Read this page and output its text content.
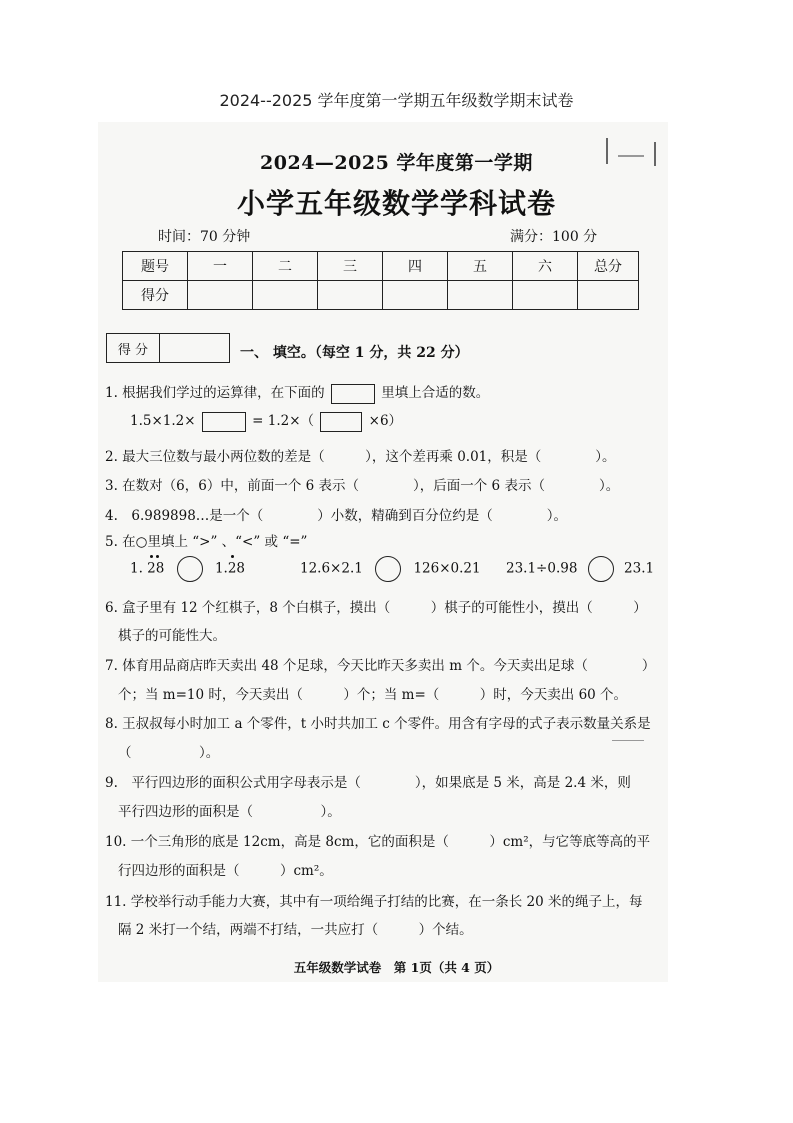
2024--2025 学年度第一学期五年级数学期末试卷
2024—2025 学年度第一学期
小学五年级数学学科试卷
时间：70 分钟	满分：100 分
题号	一	二	三	四	五	六	总分
得分							
得 分	一、 填空。（每空 1 分，共 22 分）
1. 根据我们学过的运算律，在下面的	里填上合适的数。
1.5×1.2×	= 1.2×（	×6）
2. 最大三位数与最小两位数的差是（　　　），这个差再乘 0.01，积是（　　　　）。
3. 在数对（6，6）中，前面一个 6 表示（　　　　），后面一个 6 表示（　　　　）。
4.　6.989898…是一个（　　　　）小数，精确到百分位约是（　　　　）。
5. 在○里填上 “>” 、“<” 或 “=”
1. 28	1.28	12.6×2.1	126×0.21 23.1÷0.98	23.1
6. 盒子里有 12 个红棋子，8 个白棋子，摸出（　　　）棋子的可能性小，摸出（　　　）
棋子的可能性大。
7. 体育用品商店昨天卖出 48 个足球，今天比昨天多卖出 m 个。今天卖出足球（　　　　）
个；当 m=10 时，今天卖出（　　　）个；当 m=（　　　）时，今天卖出 60 个。
8. 王叔叔每小时加工 a 个零件，t 小时共加工 c 个零件。用含有字母的式子表示数量关系是
（　　　　　）。
9.　平行四边形的面积公式用字母表示是（　　　　），如果底是 5 米，高是 2.4 米，则
平行四边形的面积是（　　　　　）。
10. 一个三角形的底是 12cm，高是 8cm，它的面积是（　　　）cm²，与它等底等高的平
行四边形的面积是（　　　）cm²。
11. 学校举行动手能力大赛，其中有一项给绳子打结的比赛，在一条长 20 米的绳子上，每
隔 2 米打一个结，两端不打结，一共应打（　　　）个结。
五年级数学试卷　第 1页（共 4 页）
